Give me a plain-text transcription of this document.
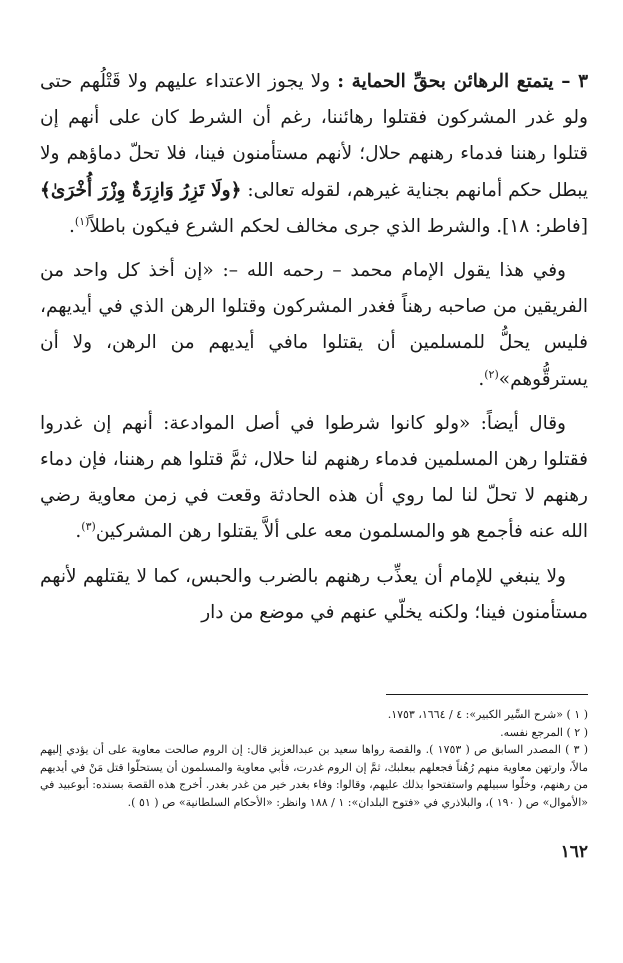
٣ – يتمتع الرهائن بحقِّ الحماية : ولا يجوز الاعتداء عليهم ولا قَتْلُهم حتى ولو غدر المشركون فقتلوا رهائننا، رغم أن الشرط كان على أنهم إن قتلوا رهننا فدماء رهنهم حلال؛ لأنهم مستأمنون فينا، فلا تحلّ دماؤهم ولا يبطل حكم أمانهم بجناية غيرهم، لقوله تعالى: ﴿ولَا تَزِرُ وَازِرَةٌ وِزْرَ أُخْرَىٰ﴾ [فاطر: ١٨]. والشرط الذي جرى مخالف لحكم الشرع فيكون باطلاً$^{(١)}$.

وفي هذا يقول الإمام محمد – رحمه الله –: «إن أخذ كل واحد من الفريقين من صاحبه رهناً فغدر المشركون وقتلوا الرهن الذي في أيديهم، فليس يحلُّ للمسلمين أن يقتلوا مافي أيديهم من الرهن، ولا أن يسترقُّوهم»$^{(٢)}$.

وقال أيضاً: «ولو كانوا شرطوا في أصل الموادعة: أنهم إن غدروا فقتلوا رهن المسلمين فدماء رهنهم لنا حلال، ثمَّ قتلوا هم رهننا، فإن دماء رهنهم لا تحلّ لنا لما روي أن هذه الحادثة وقعت في زمن معاوية رضي الله عنه فأجمع هو والمسلمون معه على ألاَّ يقتلوا رهن المشركين$^{(٣)}$.

ولا ينبغي للإمام أن يعذِّب رهنهم بالضرب والحبس، كما لا يقتلهم لأنهم مستأمنون فينا؛ ولكنه يخلّي عنهم في موضع من دار

( ١ ) «شرح السِّير الكبير»: ٤ / ١٦٦٤، ١٧٥٣.

( ٢ ) المرجع نفسه.

( ٣ ) المصدر السابق ص ( ١٧٥٣ ). والقصة رواها سعيد بن عبدالعزيز قال: إن الروم صالحت معاوية على أن يؤدي إليهم مالاً، وارتهن معاوية منهم رُهُناً فجعلهم ببعلبك، ثمَّ إن الروم غدرت، فأبي معاوية والمسلمون أن يستحلّوا قتل مَنْ في أيديهم من رهنهم، وخلّوا سبيلهم واستفتحوا بذلك عليهم، وقالوا: وفاء بغدر خير من غدر بغدر. أخرج هذه القصة بسنده: أبوعبيد في «الأموال» ص ( ١٩٠ )، والبلاذري في «فتوح البلدان»: ١ / ١٨٨ وانظر: «الأحكام السلطانية» ص ( ٥١ ).

١٦٢
